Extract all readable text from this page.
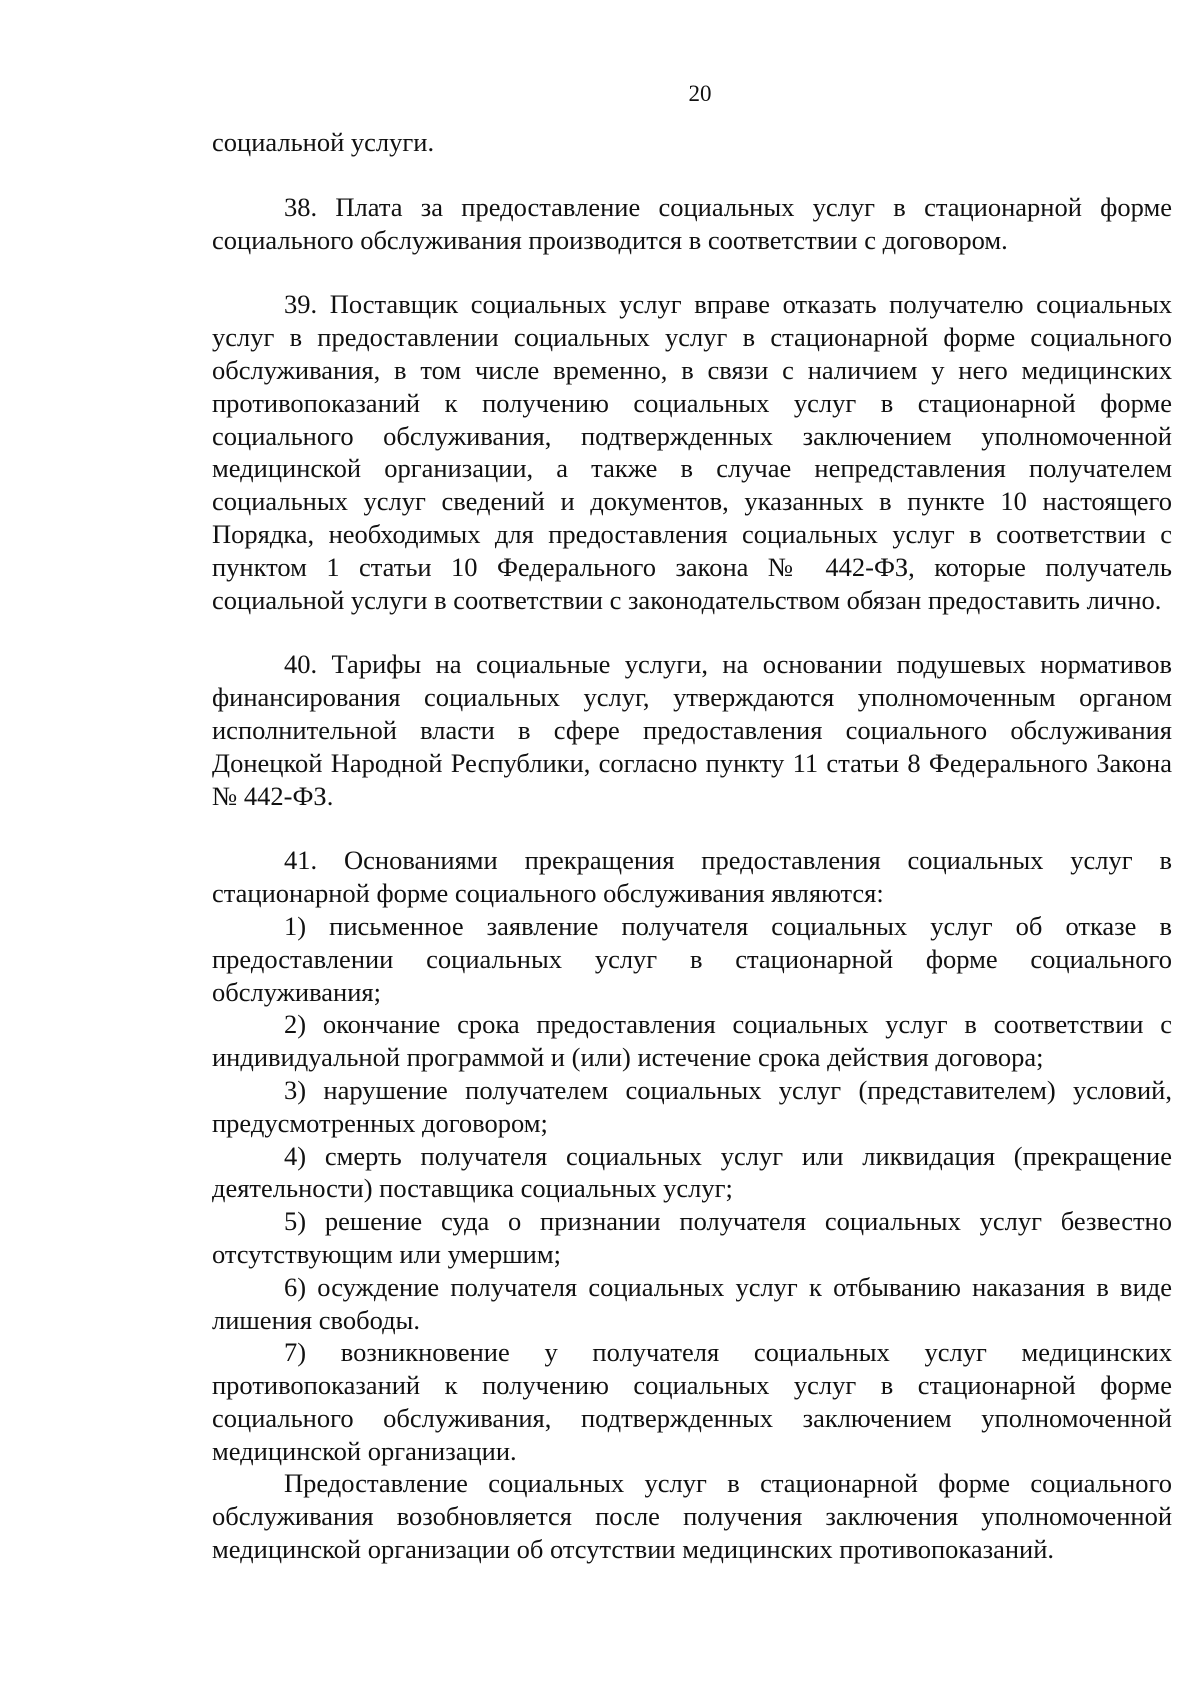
20

социальной услуги.

38. Плата за предоставление социальных услуг в стационарной форме социального обслуживания производится в соответствии с договором.

39. Поставщик социальных услуг вправе отказать получателю социальных услуг в предоставлении социальных услуг в стационарной форме социального обслуживания, в том числе временно, в связи с наличием у него медицинских противопоказаний к получению социальных услуг в стационарной форме социального обслуживания, подтвержденных заключением уполномоченной медицинской организации, а также в случае непредставления получателем социальных услуг сведений и документов, указанных в пункте 10 настоящего Порядка, необходимых для предоставления социальных услуг в соответствии с пунктом 1 статьи 10 Федерального закона № 442-ФЗ, которые получатель социальной услуги в соответствии с законодательством обязан предоставить лично.

40. Тарифы на социальные услуги, на основании подушевых нормативов финансирования социальных услуг, утверждаются уполномоченным органом исполнительной власти в сфере предоставления социального обслуживания Донецкой Народной Республики, согласно пункту 11 статьи 8 Федерального Закона № 442-ФЗ.

41. Основаниями прекращения предоставления социальных услуг в стационарной форме социального обслуживания являются:

1) письменное заявление получателя социальных услуг об отказе в предоставлении социальных услуг в стационарной форме социального обслуживания;

2) окончание срока предоставления социальных услуг в соответствии с индивидуальной программой и (или) истечение срока действия договора;

3) нарушение получателем социальных услуг (представителем) условий, предусмотренных договором;

4) смерть получателя социальных услуг или ликвидация (прекращение деятельности) поставщика социальных услуг;

5) решение суда о признании получателя социальных услуг безвестно отсутствующим или умершим;

6) осуждение получателя социальных услуг к отбыванию наказания в виде лишения свободы.

7) возникновение у получателя социальных услуг медицинских противопоказаний к получению социальных услуг в стационарной форме социального обслуживания, подтвержденных заключением уполномоченной медицинской организации.

Предоставление социальных услуг в стационарной форме социального обслуживания возобновляется после получения заключения уполномоченной медицинской организации об отсутствии медицинских противопоказаний.
